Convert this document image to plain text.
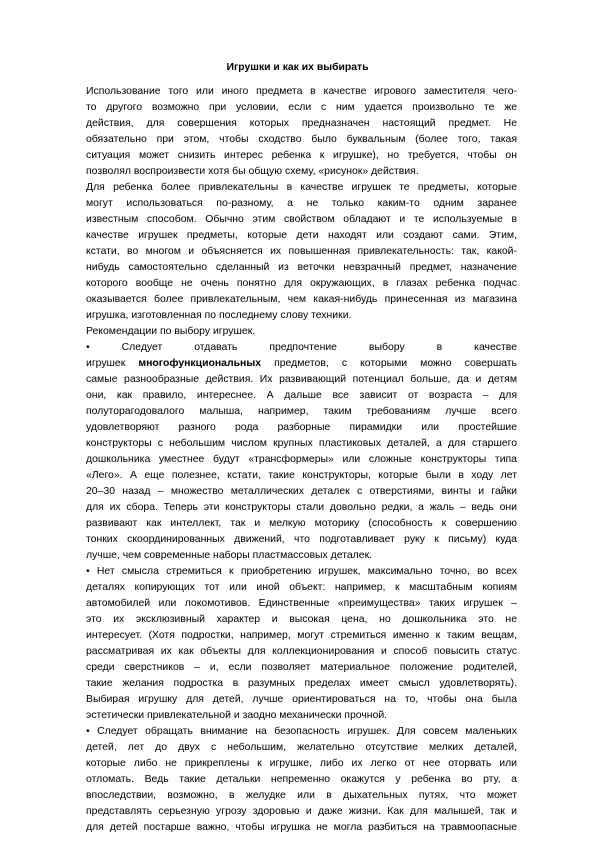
Игрушки и как их выбирать
Использование того или иного предмета в качестве игрового заместителя чего-
то другого возможно при условии, если с ним удается произвольно те же
действия, для совершения которых предназначен настоящий предмет. Не
обязательно при этом, чтобы сходство было буквальным (более того, такая
ситуация может снизить интерес ребенка к игрушке), но требуется, чтобы он
позволял воспроизвести хотя бы общую схему, «рисунок» действия.
Для ребенка более привлекательны в качестве игрушек те предметы, которые
могут использоваться по-разному, а не только каким-то одним заранее
известным способом. Обычно этим свойством обладают и те используемые в
качестве игрушек предметы, которые дети находят или создают сами. Этим,
кстати, во многом и объясняется их повышенная привлекательность: так, какой-
нибудь самостоятельно сделанный из веточки невзрачный предмет, назначение
которого вообще не очень понятно для окружающих, в глазах ребенка подчас
оказывается более привлекательным, чем какая-нибудь принесенная из магазина
игрушка, изготовленная по последнему слову техники.
Рекомендации по выбору игрушек.
• Следует отдавать предпочтение выбору в качестве
игрушек многофункциональных предметов, с которыми можно совершать
самые разнообразные действия. Их развивающий потенциал больше, да и детям
они, как правило, интереснее. А дальше все зависит от возраста – для
полуторагодовалого малыша, например, таким требованиям лучше всего
удовлетворяют разного рода разборные пирамидки или простейшие
конструкторы с небольшим числом крупных пластиковых деталей, а для старшего
дошкольника уместнее будут «трансформеры» или сложные конструкторы типа
«Лего». А еще полезнее, кстати, такие конструкторы, которые были в ходу лет
20–30 назад – множество металлических деталек с отверстиями, винты и гайки
для их сбора. Теперь эти конструкторы стали довольно редки, а жаль – ведь они
развивают как интеллект, так и мелкую моторику (способность к совершению
тонких скоординированных движений, что подготавливает руку к письму) куда
лучше, чем современные наборы пластмассовых деталек.
• Нет смысла стремиться к приобретению игрушек, максимально точно, во всех
деталях копирующих тот или иной объект: например, к масштабным копиям
автомобилей или локомотивов. Единственные «преимущества» таких игрушек –
это их эксклюзивный характер и высокая цена, но дошкольника это не
интересует. (Хотя подростки, например, могут стремиться именно к таким вещам,
рассматривая их как объекты для коллекционирования и способ повысить статус
среди сверстников – и, если позволяет материальное положение родителей,
такие желания подростка в разумных пределах имеет смысл удовлетворять).
Выбирая игрушку для детей, лучше ориентироваться на то, чтобы она была
эстетически привлекательной и заодно механически прочной.
• Следует обращать внимание на безопасность игрушек. Для совсем маленьких
детей, лет до двух с небольшим, желательно отсутствие мелких деталей,
которые либо не прикреплены к игрушке, либо их легко от нее оторвать или
отломать. Ведь такие детальки непременно окажутся у ребенка во рту, а
впоследствии, возможно, в желудке или в дыхательных путях, что может
представлять серьезную угрозу здоровью и даже жизни. Как для малышей, так и
для детей постарше важно, чтобы игрушка не могла разбиться на травмоопасные
